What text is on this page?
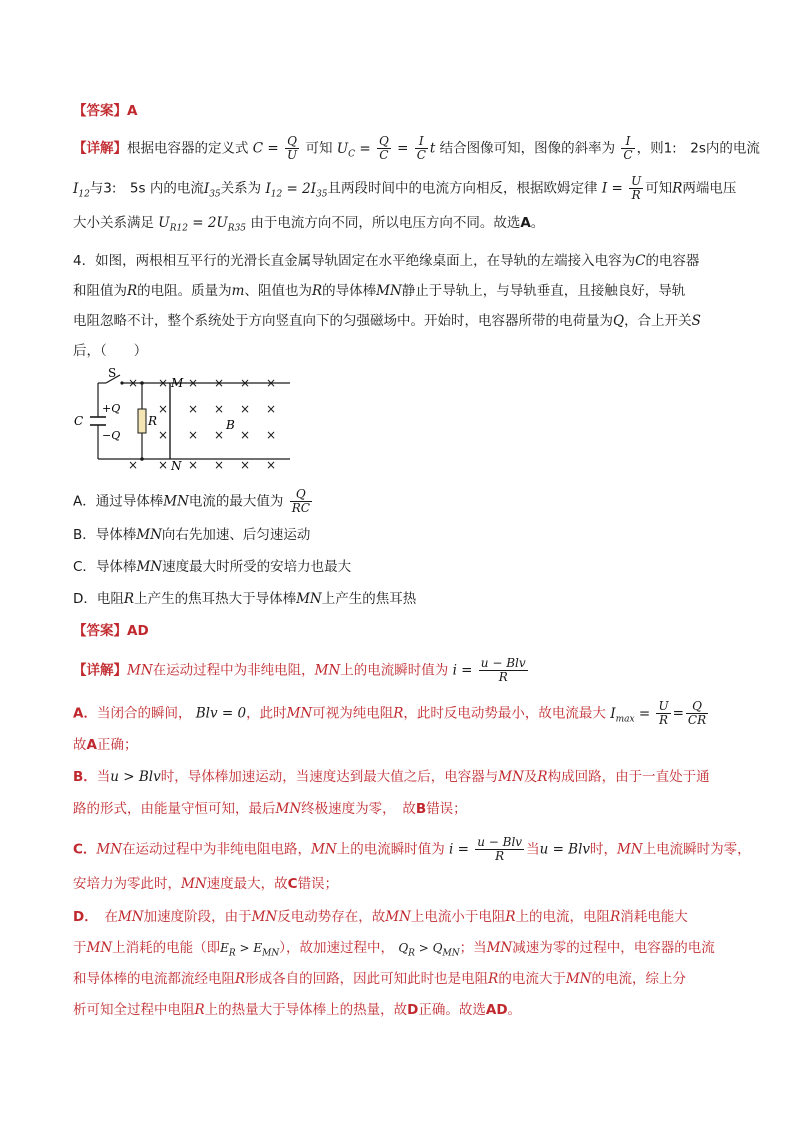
【答案】A
【详解】根据电容器的定义式 $C = \frac{Q}{U}$ 可知 $U_C = \frac{Q}{C} = \frac{I}{C}$ t 结合图像可知，图像的斜率为 $\frac{I}{C}$ ，则1:　2s内的电流
$I_{12}$与3:　5s 内的电流$I_{35}$关系为 $I_{12} = 2I_{35}$且两段时间中的电流方向相反，根据欧姆定律 $I = \frac{U}{R}$ 可知R两端电压
大小关系满足 $U_{R12} = 2U_{R35}$ 由于电流方向不同，所以电压方向不同。故选A。
4．如图，两根相互平行的光滑长直金属导轨固定在水平绝缘桌面上，在导轨的左端接入电容为C的电容器
和阻值为R的电阻。质量为m、阻值也为R的导体棒MN静止于导轨上，与导轨垂直，且接触良好，导轨
电阻忽略不计，整个系统处于方向竖直向下的匀强磁场中。开始时，电容器所带的电荷量为Q，合上开关S
后，（　　）
S
M
N
C	R	B
+Q
−Q
× × × × × ×
× × × × ×
× × × × ×
× × × × × ×
A．通过导体棒MN电流的最大值为 $\frac{Q}{RC}$
B．导体棒MN向右先加速、后匀速运动
C．导体棒MN速度最大时所受的安培力也最大
D．电阻R上产生的焦耳热大于导体棒MN上产生的焦耳热
【答案】AD
【详解】MN在运动过程中为非纯电阻，MN上的电流瞬时值为 $i = \frac{\text{u − Blv}}{R}$
A．当闭合的瞬间， Blv = 0，此时MN可视为纯电阻R，此时反电动势最小，故电流最大 $I_{max} = \frac{U}{R} = \frac{Q}{CR}$
故A正确；
B．当u > Blv时，导体棒加速运动，当速度达到最大值之后，电容器与MN及R构成回路，由于一直处于通
路的形式，由能量守恒可知，最后MN终极速度为零，　故B错误；
C．MN在运动过程中为非纯电阻电路，MN上的电流瞬时值为 $i = \frac{\text{u − Blv}}{R}$ 当u = Blv时，MN上电流瞬时为零，
安培力为零此时，MN速度最大，故C错误；
D．　在MN加速度阶段，由于MN反电动势存在，故MN上电流小于电阻R上的电流，电阻R消耗电能大
于MN上消耗的电能（即$E_R > E_{MN}$），故加速过程中， $Q_R > Q_{MN}$；当MN减速为零的过程中，电容器的电流
和导体棒的电流都流经电阻R形成各自的回路，因此可知此时也是电阻R的电流大于MN的电流，综上分
析可知全过程中电阻R上的热量大于导体棒上的热量，故D正确。故选AD。
